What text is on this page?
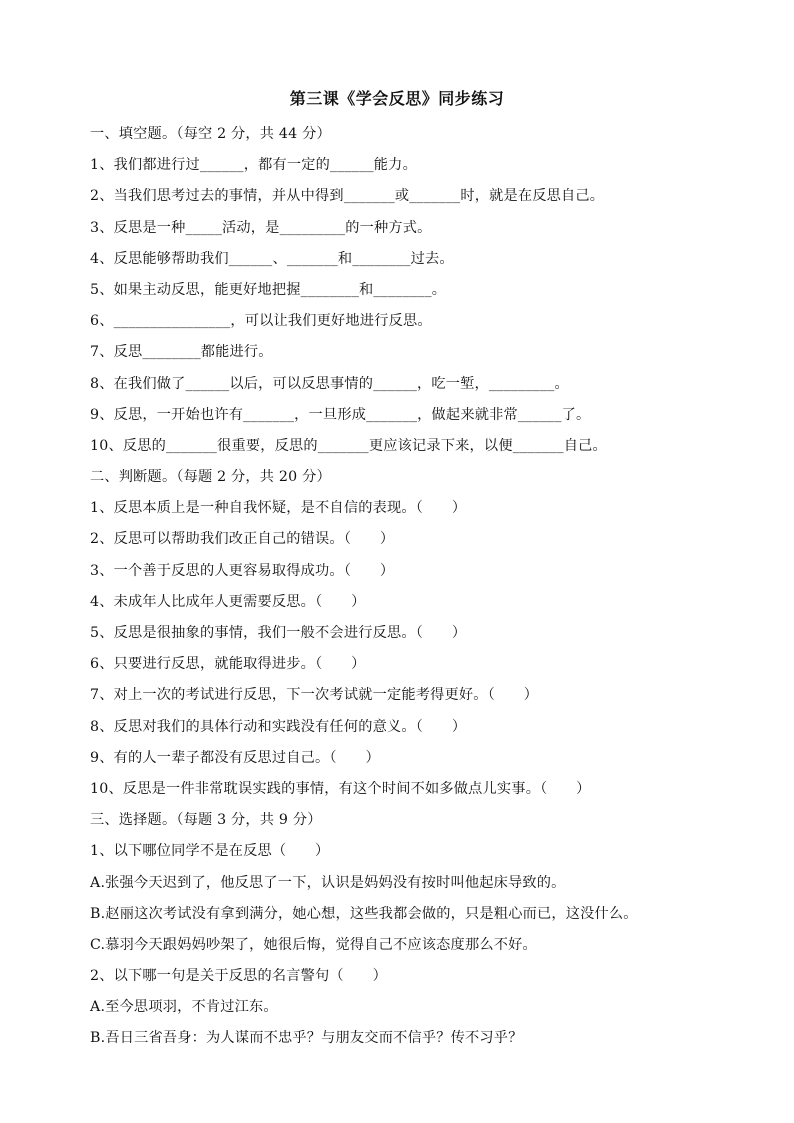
第三课《学会反思》同步练习
一、填空题。（每空 2 分，共 44 分）
1、我们都进行过______，都有一定的______能力。
2、当我们思考过去的事情，并从中得到_______或_______时，就是在反思自己。
3、反思是一种_____活动，是_________的一种方式。
4、反思能够帮助我们______、_______和________过去。
5、如果主动反思，能更好地把握________和________。
6、________________，可以让我们更好地进行反思。
7、反思________都能进行。
8、在我们做了______以后，可以反思事情的______，吃一堑，_________。
9、反思，一开始也许有_______，一旦形成_______，做起来就非常______了。
10、反思的_______很重要，反思的_______更应该记录下来，以便_______自己。
二、判断题。（每题 2 分，共 20 分）
1、反思本质上是一种自我怀疑，是不自信的表现。（　　）
2、反思可以帮助我们改正自己的错误。（　　）
3、一个善于反思的人更容易取得成功。（　　）
4、未成年人比成年人更需要反思。（　　）
5、反思是很抽象的事情，我们一般不会进行反思。（　　）
6、只要进行反思，就能取得进步。（　　）
7、对上一次的考试进行反思，下一次考试就一定能考得更好。（　　）
8、反思对我们的具体行动和实践没有任何的意义。（　　）
9、有的人一辈子都没有反思过自己。（　　）
10、反思是一件非常耽误实践的事情，有这个时间不如多做点儿实事。（　　）
三、选择题。（每题 3 分，共 9 分）
1、以下哪位同学不是在反思（　　）
A.张强今天迟到了，他反思了一下，认识是妈妈没有按时叫他起床导致的。
B.赵丽这次考试没有拿到满分，她心想，这些我都会做的，只是粗心而已，这没什么。
C.慕羽今天跟妈妈吵架了，她很后悔，觉得自己不应该态度那么不好。
2、以下哪一句是关于反思的名言警句（　　）
A.至今思项羽，不肯过江东。
B.吾日三省吾身：为人谋而不忠乎？与朋友交而不信乎？传不习乎？
